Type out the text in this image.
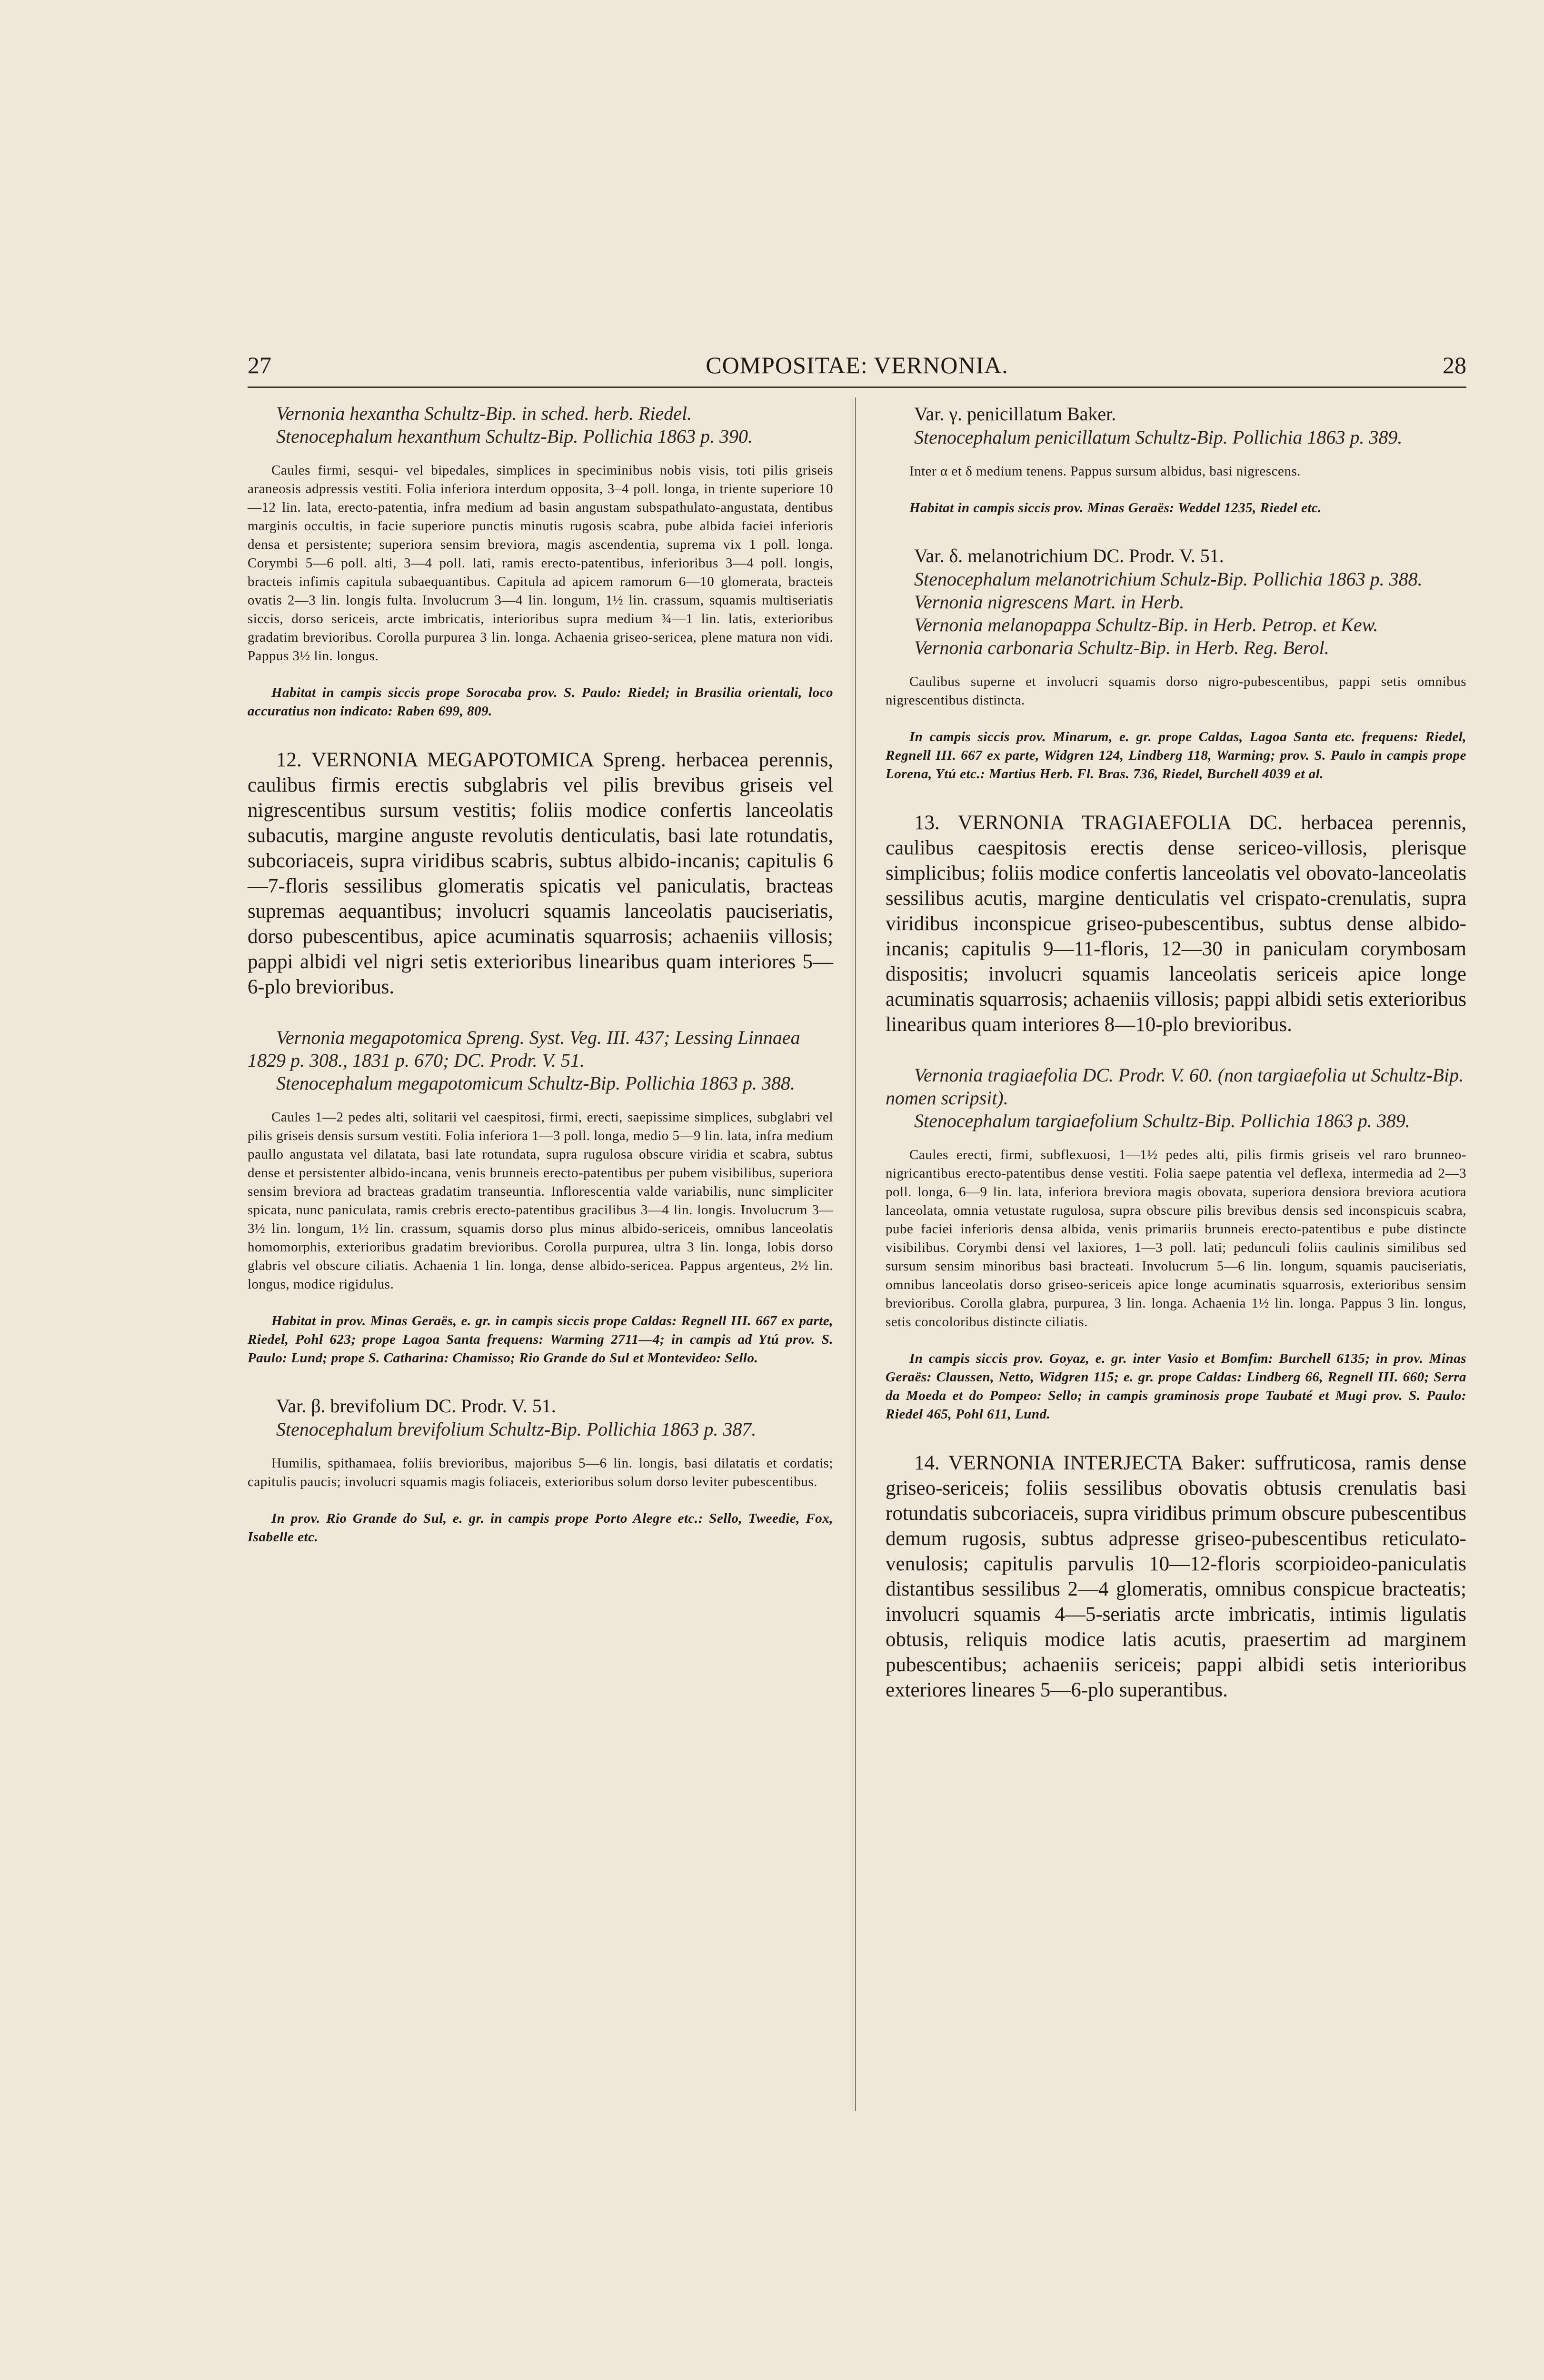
27	COMPOSITAE: VERNONIA.	28

Vernonia hexantha Schultz-Bip. in sched. herb. Riedel.

Stenocephalum hexanthum Schultz-Bip. Pollichia 1863 p. 390.

Caules firmi, sesqui- vel bipedales, simplices in speciminibus nobis visis, toti pilis griseis araneosis adpressis vestiti. Folia inferiora interdum opposita, 3–4 poll. longa, in triente superiore 10—12 lin. lata, erecto-patentia, infra medium ad basin angustam subspathulato-angustata, dentibus marginis occultis, in facie superiore punctis minutis rugosis scabra, pube albida faciei inferioris densa et persistente; superiora sensim breviora, magis ascendentia, suprema vix 1 poll. longa. Corymbi 5—6 poll. alti, 3—4 poll. lati, ramis erecto-patentibus, inferioribus 3—4 poll. longis, bracteis infimis capitula subaequantibus. Capitula ad apicem ramorum 6—10 glomerata, bracteis ovatis 2—3 lin. longis fulta. Involucrum 3—4 lin. longum, 1½ lin. crassum, squamis multiseriatis siccis, dorso sericeis, arcte imbricatis, interioribus supra medium ¾—1 lin. latis, exterioribus gradatim brevioribus. Corolla purpurea 3 lin. longa. Achaenia griseo-sericea, plene matura non vidi. Pappus 3½ lin. longus.

Habitat in campis siccis prope Sorocaba prov. S. Paulo: Riedel; in Brasilia orientali, loco accuratius non indicato: Raben 699, 809.

12. VERNONIA MEGAPOTOMICA Spreng. herbacea perennis, caulibus firmis erectis subglabris vel pilis brevibus griseis vel nigrescentibus sursum vestitis; foliis modice confertis lanceolatis subacutis, margine anguste revolutis denticulatis, basi late rotundatis, subcoriaceis, supra viridibus scabris, subtus albido-incanis; capitulis 6—7-floris sessilibus glomeratis spicatis vel paniculatis, bracteas supremas aequantibus; involucri squamis lanceolatis pauciseriatis, dorso pubescentibus, apice acuminatis squarrosis; achaeniis villosis; pappi albidi vel nigri setis exterioribus linearibus quam interiores 5—6-plo brevioribus.

Vernonia megapotomica Spreng. Syst. Veg. III. 437; Lessing Linnaea 1829 p. 308., 1831 p. 670; DC. Prodr. V. 51.

Stenocephalum megapotomicum Schultz-Bip. Pollichia 1863 p. 388.

Caules 1—2 pedes alti, solitarii vel caespitosi, firmi, erecti, saepissime simplices, subglabri vel pilis griseis densis sursum vestiti. Folia inferiora 1—3 poll. longa, medio 5—9 lin. lata, infra medium paullo angustata vel dilatata, basi late rotundata, supra rugulosa obscure viridia et scabra, subtus dense et persistenter albido-incana, venis brunneis erecto-patentibus per pubem visibilibus, superiora sensim breviora ad bracteas gradatim transeuntia. Inflorescentia valde variabilis, nunc simpliciter spicata, nunc paniculata, ramis crebris erecto-patentibus gracilibus 3—4 lin. longis. Involucrum 3—3½ lin. longum, 1½ lin. crassum, squamis dorso plus minus albido-sericeis, omnibus lanceolatis homomorphis, exterioribus gradatim brevioribus. Corolla purpurea, ultra 3 lin. longa, lobis dorso glabris vel obscure ciliatis. Achaenia 1 lin. longa, dense albido-sericea. Pappus argenteus, 2½ lin. longus, modice rigidulus.

Habitat in prov. Minas Geraës, e. gr. in campis siccis prope Caldas: Regnell III. 667 ex parte, Riedel, Pohl 623; prope Lagoa Santa frequens: Warming 2711—4; in campis ad Ytú prov. S. Paulo: Lund; prope S. Catharina: Chamisso; Rio Grande do Sul et Montevideo: Sello.

Var. β. brevifolium DC. Prodr. V. 51.

Stenocephalum brevifolium Schultz-Bip. Pollichia 1863 p. 387.

Humilis, spithamaea, foliis brevioribus, majoribus 5—6 lin. longis, basi dilatatis et cordatis; capitulis paucis; involucri squamis magis foliaceis, exterioribus solum dorso leviter pubescentibus.

In prov. Rio Grande do Sul, e. gr. in campis prope Porto Alegre etc.: Sello, Tweedie, Fox, Isabelle etc.

Var. γ. penicillatum Baker.

Stenocephalum penicillatum Schultz-Bip. Pollichia 1863 p. 389.

Inter α et δ medium tenens. Pappus sursum albidus, basi nigrescens.

Habitat in campis siccis prov. Minas Geraës: Weddel 1235, Riedel etc.

Var. δ. melanotrichium DC. Prodr. V. 51.

Stenocephalum melanotrichium Schulz-Bip. Pollichia 1863 p. 388.

Vernonia nigrescens Mart. in Herb.

Vernonia melanopappa Schultz-Bip. in Herb. Petrop. et Kew.

Vernonia carbonaria Schultz-Bip. in Herb. Reg. Berol.

Caulibus superne et involucri squamis dorso nigro-pubescentibus, pappi setis omnibus nigrescentibus distincta.

In campis siccis prov. Minarum, e. gr. prope Caldas, Lagoa Santa etc. frequens: Riedel, Regnell III. 667 ex parte, Widgren 124, Lindberg 118, Warming; prov. S. Paulo in campis prope Lorena, Ytú etc.: Martius Herb. Fl. Bras. 736, Riedel, Burchell 4039 et al.

13. VERNONIA TRAGIAEFOLIA DC. herbacea perennis, caulibus caespitosis erectis dense sericeo-villosis, plerisque simplicibus; foliis modice confertis lanceolatis vel obovato-lanceolatis sessilibus acutis, margine denticulatis vel crispato-crenulatis, supra viridibus inconspicue griseo-pubescentibus, subtus dense albido-incanis; capitulis 9—11-floris, 12—30 in paniculam corymbosam dispositis; involucri squamis lanceolatis sericeis apice longe acuminatis squarrosis; achaeniis villosis; pappi albidi setis exterioribus linearibus quam interiores 8—10-plo brevioribus.

Vernonia tragiaefolia DC. Prodr. V. 60. (non targiaefolia ut Schultz-Bip. nomen scripsit).

Stenocephalum targiaefolium Schultz-Bip. Pollichia 1863 p. 389.

Caules erecti, firmi, subflexuosi, 1—1½ pedes alti, pilis firmis griseis vel raro brunneo-nigricantibus erecto-patentibus dense vestiti. Folia saepe patentia vel deflexa, intermedia ad 2—3 poll. longa, 6—9 lin. lata, inferiora breviora magis obovata, superiora densiora breviora acutiora lanceolata, omnia vetustate rugulosa, supra obscure pilis brevibus densis sed inconspicuis scabra, pube faciei inferioris densa albida, venis primariis brunneis erecto-patentibus e pube distincte visibilibus. Corymbi densi vel laxiores, 1—3 poll. lati; pedunculi foliis caulinis similibus sed sursum sensim minoribus basi bracteati. Involucrum 5—6 lin. longum, squamis pauciseriatis, omnibus lanceolatis dorso griseo-sericeis apice longe acuminatis squarrosis, exterioribus sensim brevioribus. Corolla glabra, purpurea, 3 lin. longa. Achaenia 1½ lin. longa. Pappus 3 lin. longus, setis concoloribus distincte ciliatis.

In campis siccis prov. Goyaz, e. gr. inter Vasio et Bomfim: Burchell 6135; in prov. Minas Geraës: Claussen, Netto, Widgren 115; e. gr. prope Caldas: Lindberg 66, Regnell III. 660; Serra da Moeda et do Pompeo: Sello; in campis graminosis prope Taubaté et Mugi prov. S. Paulo: Riedel 465, Pohl 611, Lund.

14. VERNONIA INTERJECTA Baker: suffruticosa, ramis dense griseo-sericeis; foliis sessilibus obovatis obtusis crenulatis basi rotundatis subcoriaceis, supra viridibus primum obscure pubescentibus demum rugosis, subtus adpresse griseo-pubescentibus reticulato-venulosis; capitulis parvulis 10—12-floris scorpioideo-paniculatis distantibus sessilibus 2—4 glomeratis, omnibus conspicue bracteatis; involucri squamis 4—5-seriatis arcte imbricatis, intimis ligulatis obtusis, reliquis modice latis acutis, praesertim ad marginem pubescentibus; achaeniis sericeis; pappi albidi setis interioribus exteriores lineares 5—6-plo superantibus.
